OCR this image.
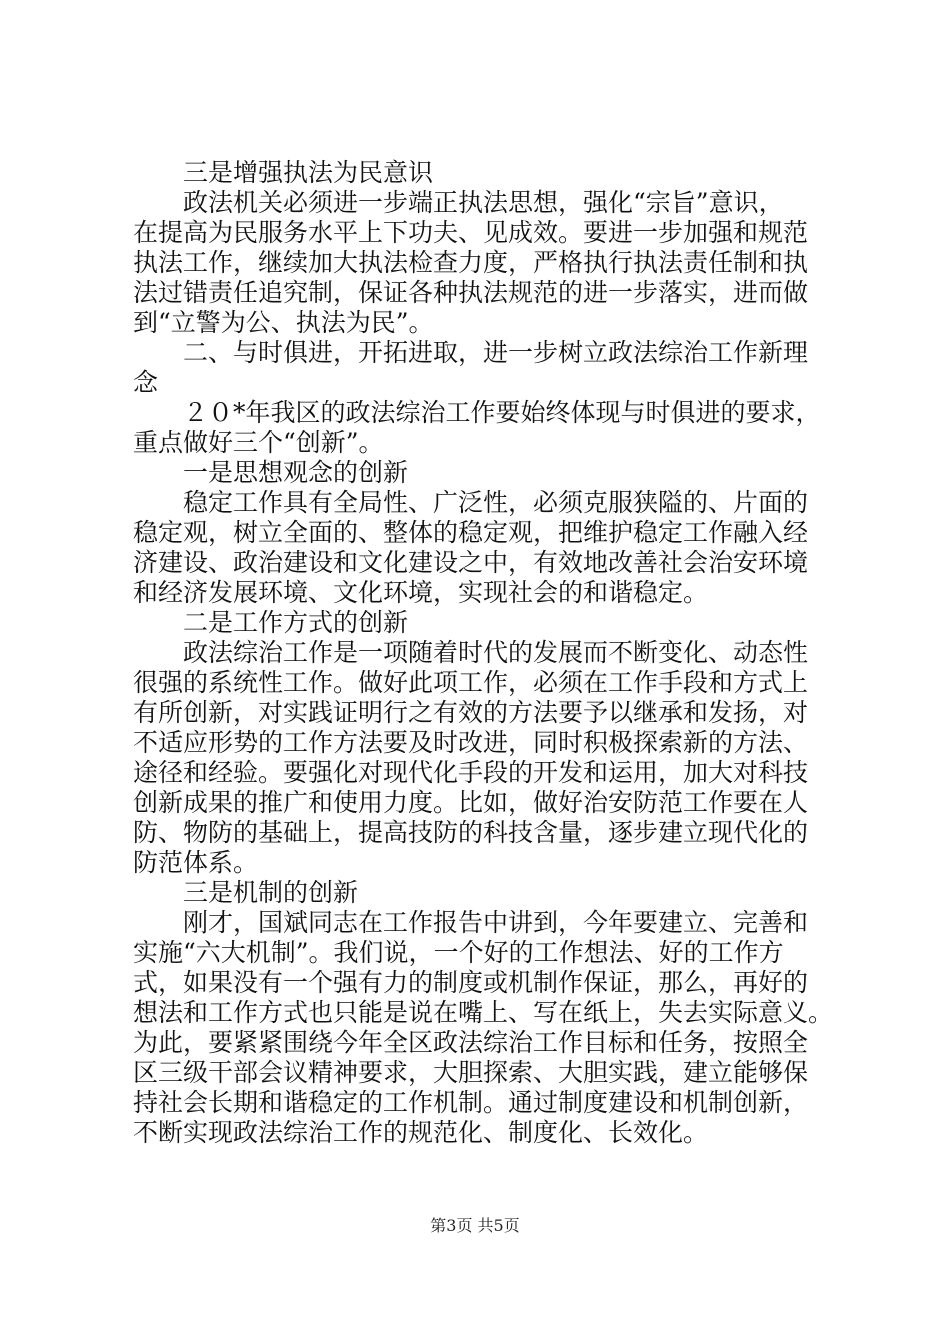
三是增强执法为民意识
政法机关必须进一步端正执法思想，强化“宗旨”意识，
在提高为民服务水平上下功夫、见成效。要进一步加强和规范
执法工作，继续加大执法检查力度，严格执行执法责任制和执
法过错责任追究制，保证各种执法规范的进一步落实，进而做
到“立警为公、执法为民”。
二、与时俱进，开拓进取，进一步树立政法综治工作新理
念
２０*年我区的政法综治工作要始终体现与时俱进的要求，
重点做好三个“创新”。
一是思想观念的创新
稳定工作具有全局性、广泛性，必须克服狭隘的、片面的
稳定观，树立全面的、整体的稳定观，把维护稳定工作融入经
济建设、政治建设和文化建设之中，有效地改善社会治安环境
和经济发展环境、文化环境，实现社会的和谐稳定。
二是工作方式的创新
政法综治工作是一项随着时代的发展而不断变化、动态性
很强的系统性工作。做好此项工作，必须在工作手段和方式上
有所创新，对实践证明行之有效的方法要予以继承和发扬，对
不适应形势的工作方法要及时改进，同时积极探索新的方法、
途径和经验。要强化对现代化手段的开发和运用，加大对科技
创新成果的推广和使用力度。比如，做好治安防范工作要在人
防、物防的基础上，提高技防的科技含量，逐步建立现代化的
防范体系。
三是机制的创新
刚才，国斌同志在工作报告中讲到，今年要建立、完善和
实施“六大机制”。我们说，一个好的工作想法、好的工作方
式，如果没有一个强有力的制度或机制作保证，那么，再好的
想法和工作方式也只能是说在嘴上、写在纸上，失去实际意义。
为此，要紧紧围绕今年全区政法综治工作目标和任务，按照全
区三级干部会议精神要求，大胆探索、大胆实践，建立能够保
持社会长期和谐稳定的工作机制。通过制度建设和机制创新，
不断实现政法综治工作的规范化、制度化、长效化。
第3页 共5页
